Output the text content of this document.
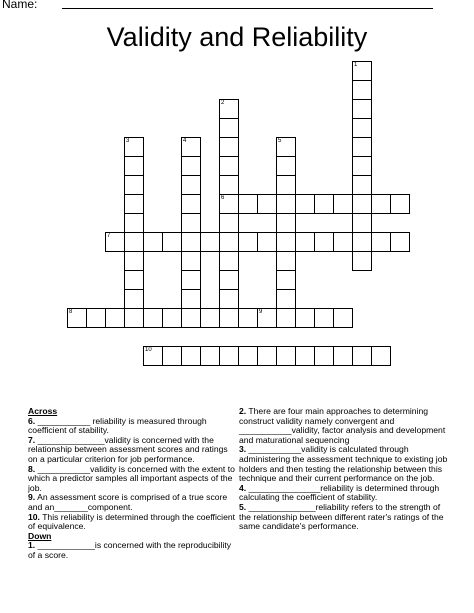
Name:
Validity and Reliability
1
2
6
3	4	5
7
8	9
10
Across
6. ___________ reliability is measured through coefficient of stability.
7. ______________validity is concerned with the relationship between assessment scores and ratings on a particular criterion for job performance.
8. ___________validity is concerned with the extent to which a predictor samples all important aspects of the job.
9. An assessment score is comprised of a true score and an_______component.
10. This reliability is determined through the coefficient of equivalence.
Down
1. ____________is concerned with the reproducibility of a score.
2. There are four main approaches to determining construct validity namely convergent and ___________validity, factor analysis and development and maturational sequencing
3. ___________validity is calculated through administering the assessment technique to existing job holders and then testing the relationship between this technique and their current performance on the job.
4. _______________reliability is determined through calculating the coefficient of stability.
5. ______________reliability refers to the strength of the relationship between different rater's ratings of the same candidate's performance.
